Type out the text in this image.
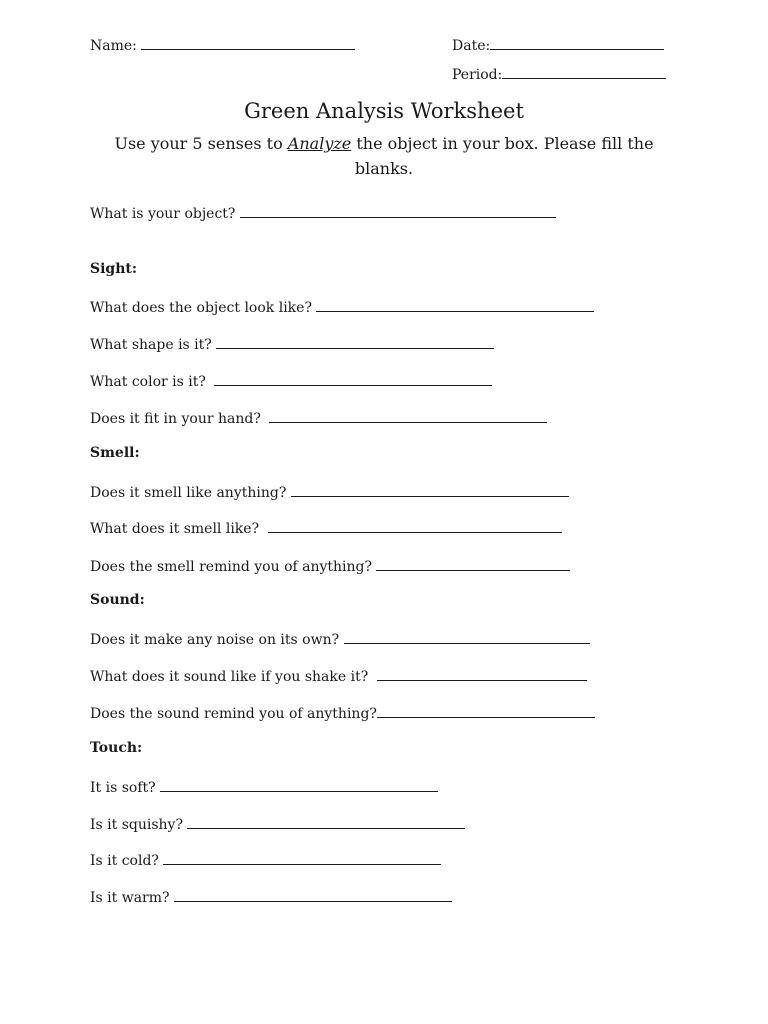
Name:	Date:
Period:
Green Analysis Worksheet
Use your 5 senses to Analyze the object in your box. Please fill the blanks.
What is your object?
Sight:
What does the object look like?
What shape is it?
What color is it?
Does it fit in your hand?
Smell:
Does it smell like anything?
What does it smell like?
Does the smell remind you of anything?
Sound:
Does it make any noise on its own?
What does it sound like if you shake it?
Does the sound remind you of anything?
Touch:
It is soft?
Is it squishy?
Is it cold?
Is it warm?
